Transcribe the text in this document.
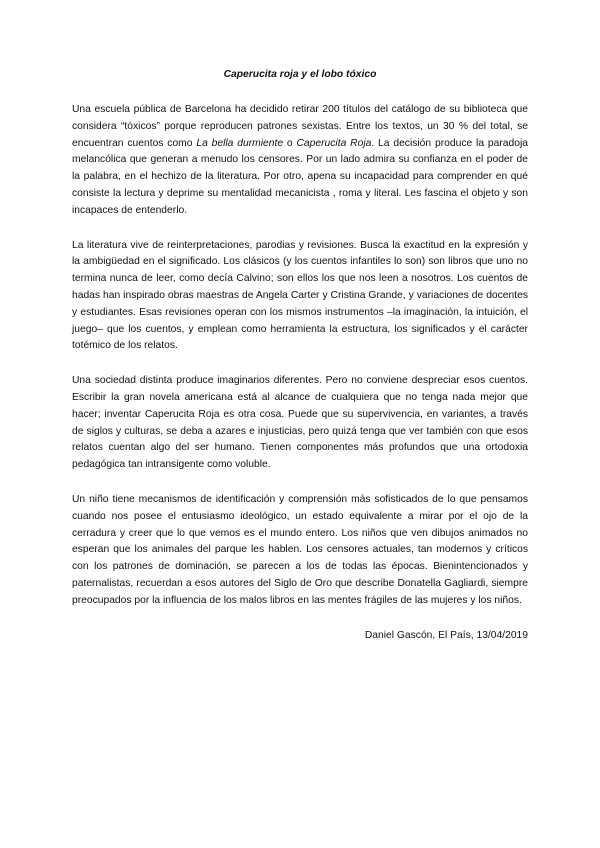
Caperucita roja y el lobo tóxico

Una escuela pública de Barcelona ha decidido retirar 200 títulos del catálogo de su biblioteca que considera “tóxicos” porque reproducen patrones sexistas. Entre los textos, un 30 % del total, se encuentran cuentos como La bella durmiente o Caperucita Roja. La decisión produce la paradoja melancólica que generan a menudo los censores. Por un lado admira su confianza en el poder de la palabra, en el hechizo de la literatura. Por otro, apena su incapacidad para comprender en qué consiste la lectura y deprime su mentalidad mecanicista , roma y literal. Les fascina el objeto y son incapaces de entenderlo.

La literatura vive de reinterpretaciones, parodias y revisiones. Busca la exactitud en la expresión y la ambigüedad en el significado. Los clásicos (y los cuentos infantiles lo son) son libros que uno no termina nunca de leer, como decía Calvino; son ellos los que nos leen a nosotros. Los cuentos de hadas han inspirado obras maestras de Angela Carter y Cristina Grande, y variaciones de docentes y estudiantes. Esas revisiones operan con los mismos instrumentos –la imaginación, la intuición, el juego– que los cuentos, y emplean como herramienta la estructura, los significados y el carácter totémico de los relatos.

Una sociedad distinta produce imaginarios diferentes. Pero no conviene despreciar esos cuentos. Escribir la gran novela americana está al alcance de cualquiera que no tenga nada mejor que hacer; inventar Caperucita Roja es otra cosa. Puede que su supervivencia, en variantes, a través de siglos y culturas, se deba a azares e injusticias, pero quizá tenga que ver también con que esos relatos cuentan algo del ser humano. Tienen componentes más profundos que una ortodoxia pedagógica tan intransigente como voluble.

Un niño tiene mecanismos de identificación y comprensión más sofisticados de lo que pensamos cuando nos posee el entusiasmo ideológico, un estado equivalente a mirar por el ojo de la cerradura y creer que lo que vemos es el mundo entero. Los niños que ven dibujos animados no esperan que los animales del parque les hablen. Los censores actuales, tan modernos y críticos con los patrones de dominación, se parecen a los de todas las épocas. Bienintencionados y paternalistas, recuerdan a esos autores del Siglo de Oro que describe Donatella Gagliardi, siempre preocupados por la influencia de los malos libros en las mentes frágiles de las mujeres y los niños.

Daniel Gascón, El País, 13/04/2019
